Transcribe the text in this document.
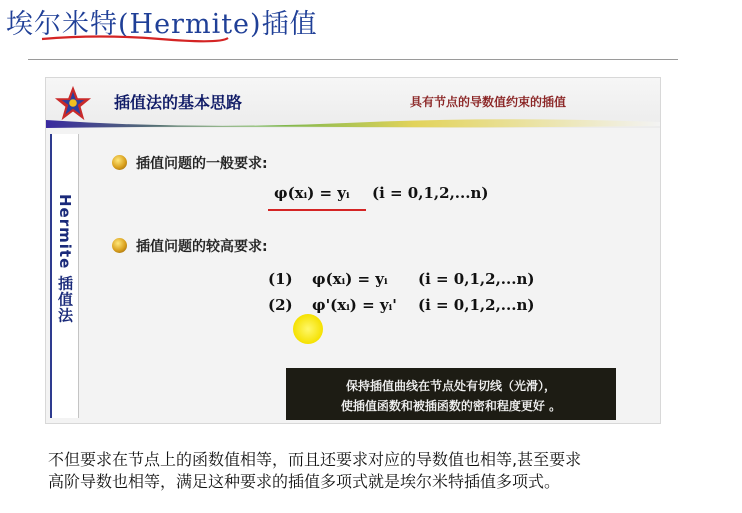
埃尔米特(Hermite)插值
插值法的基本思路	具有节点的导数值约束的插值
Hermite 插值法
插值问题的一般要求:
φ(xᵢ) = yᵢ (i = 0,1,2,...n)
插值问题的较高要求:
(1) φ(xᵢ) = yᵢ (i = 0,1,2,...n)
(2) φ'(xᵢ) = yᵢ' (i = 0,1,2,...n)
保持插值曲线在节点处有切线（光滑），
使插值函数和被插函数的密和程度更好 。
不但要求在节点上的函数值相等，而且还要求对应的导数值也相等,甚至要求
高阶导数也相等，满足这种要求的插值多项式就是埃尔米特插值多项式。
